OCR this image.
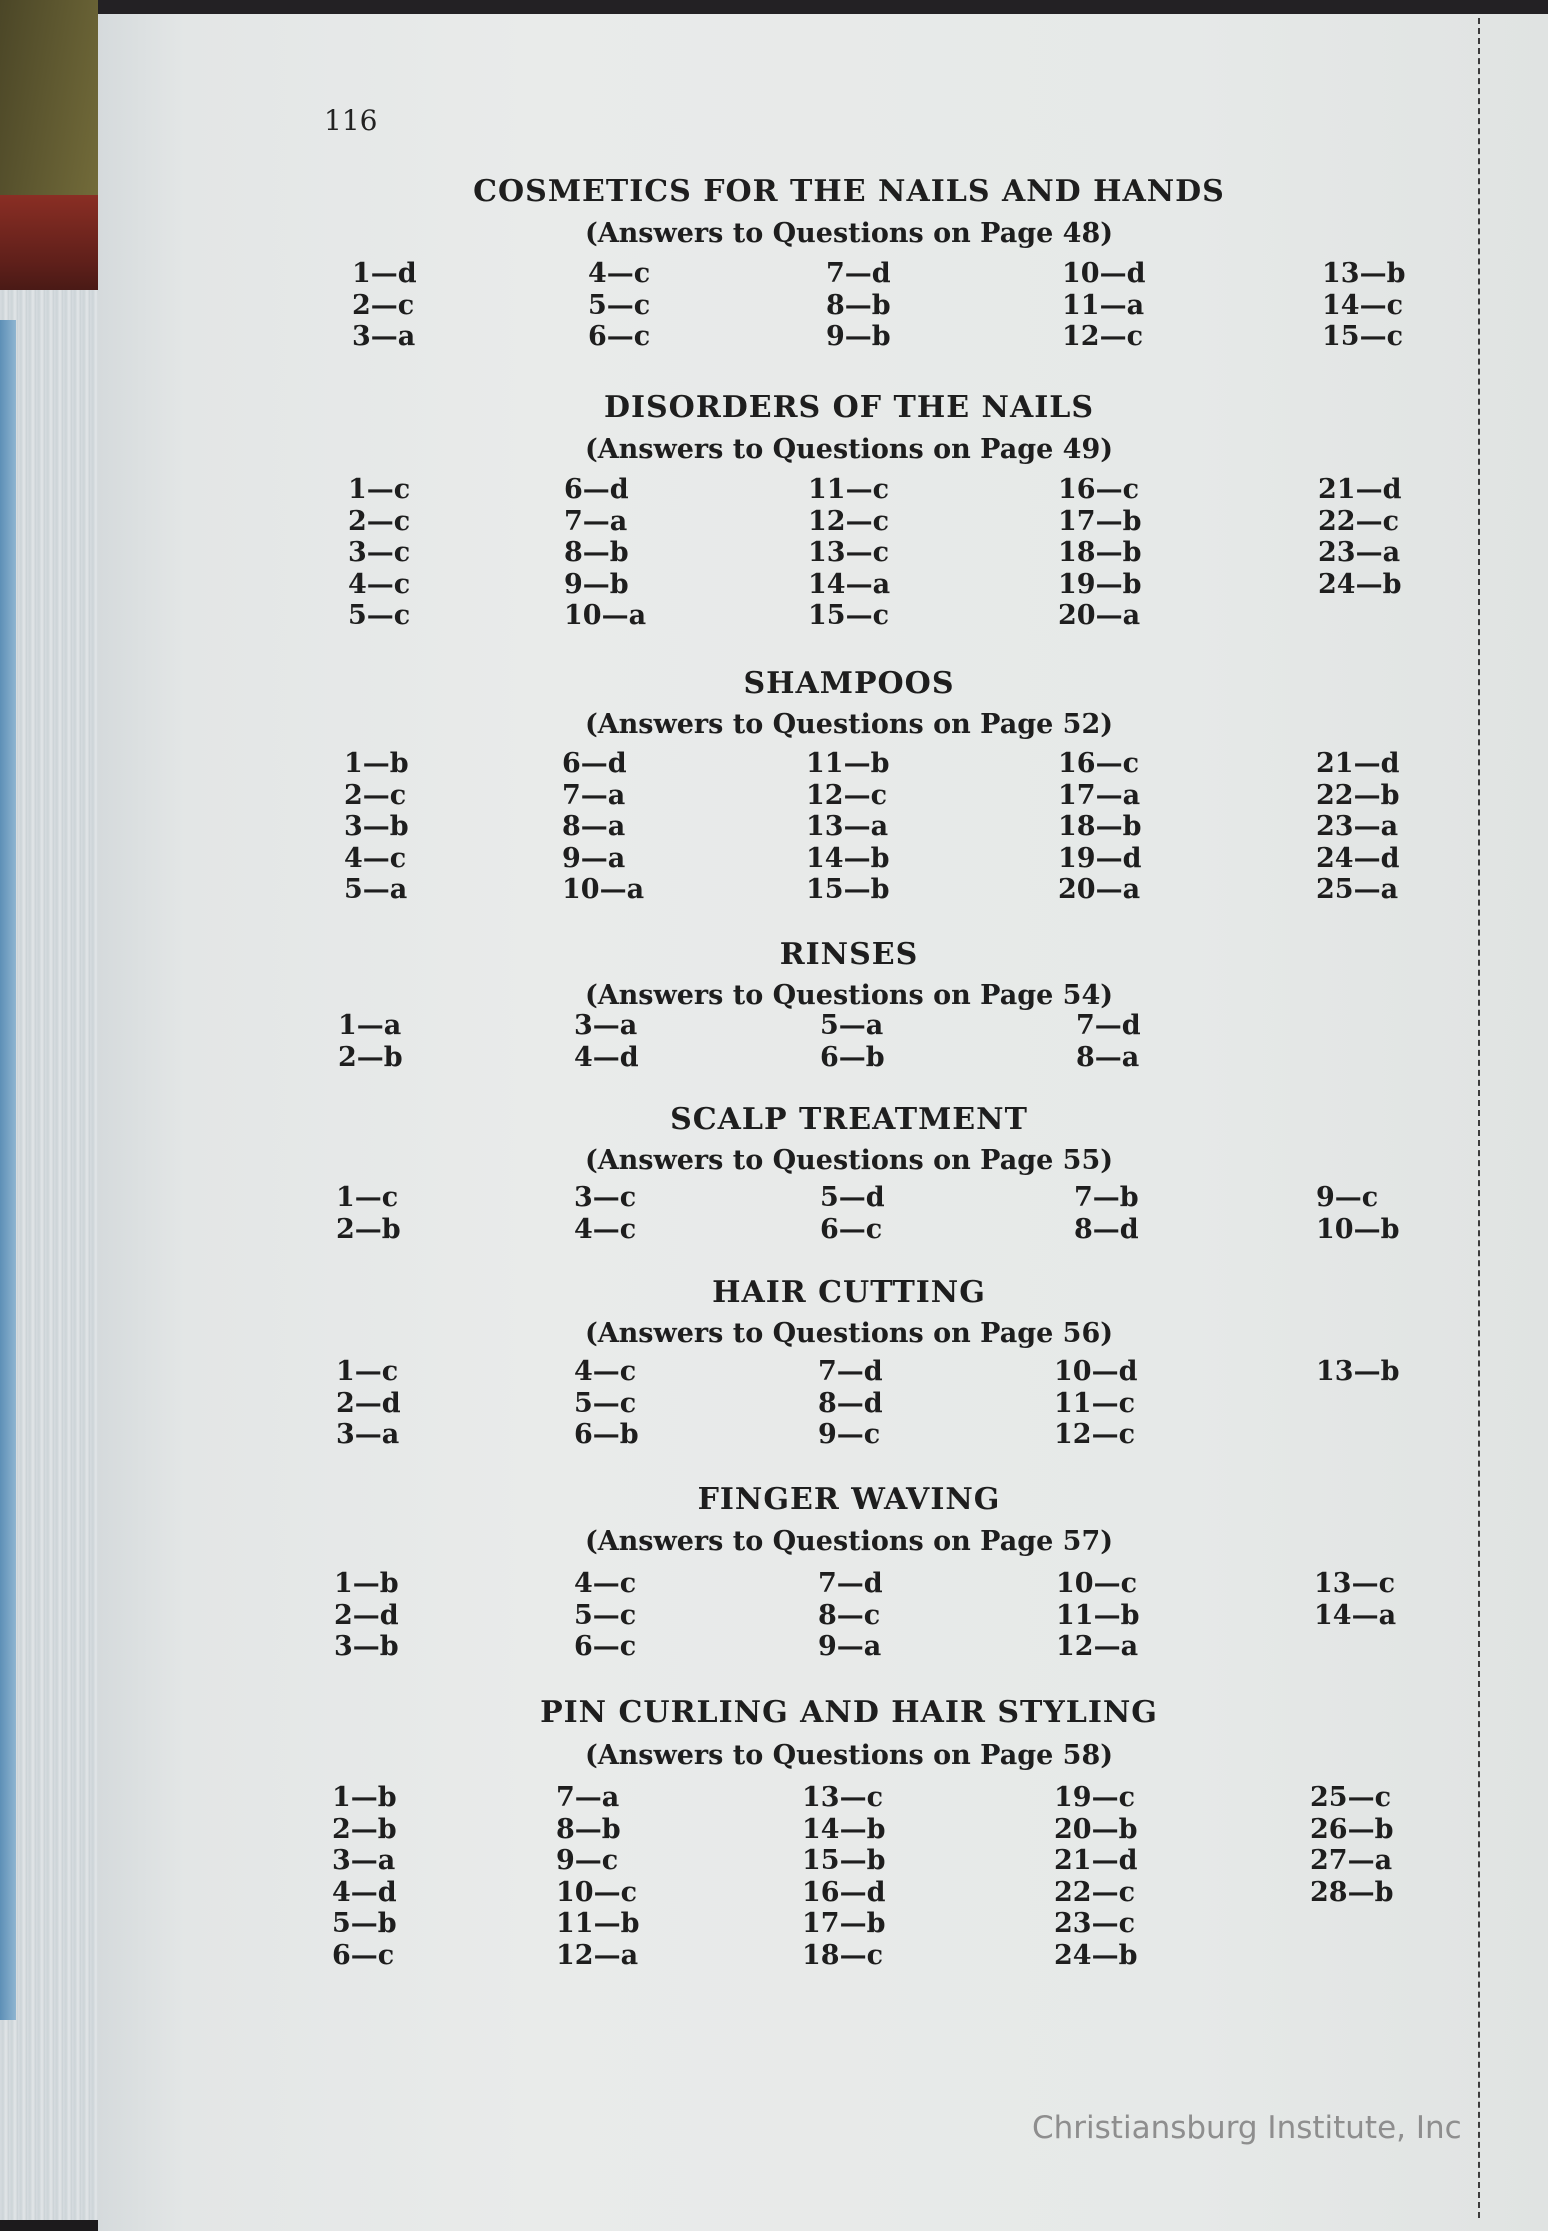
116
COSMETICS FOR THE NAILS AND HANDS
(Answers to Questions on Page 48)
1—d
2—c
3—a
4—c
5—c
6—c
7—d
8—b
9—b
10—d
11—a
12—c
13—b
14—c
15—c
DISORDERS OF THE NAILS
(Answers to Questions on Page 49)
1—c
2—c
3—c
4—c
5—c
6—d
7—a
8—b
9—b
10—a
11—c
12—c
13—c
14—a
15—c
16—c
17—b
18—b
19—b
20—a
21—d
22—c
23—a
24—b
SHAMPOOS
(Answers to Questions on Page 52)
1—b
2—c
3—b
4—c
5—a
6—d
7—a
8—a
9—a
10—a
11—b
12—c
13—a
14—b
15—b
16—c
17—a
18—b
19—d
20—a
21—d
22—b
23—a
24—d
25—a
RINSES
(Answers to Questions on Page 54)
1—a
2—b
3—a
4—d
5—a
6—b
7—d
8—a
SCALP TREATMENT
(Answers to Questions on Page 55)
1—c
2—b
3—c
4—c
5—d
6—c
7—b
8—d
9—c
10—b
HAIR CUTTING
(Answers to Questions on Page 56)
1—c
2—d
3—a
4—c
5—c
6—b
7—d
8—d
9—c
10—d
11—c
12—c
13—b
FINGER WAVING
(Answers to Questions on Page 57)
1—b
2—d
3—b
4—c
5—c
6—c
7—d
8—c
9—a
10—c
11—b
12—a
13—c
14—a
PIN CURLING AND HAIR STYLING
(Answers to Questions on Page 58)
1—b
2—b
3—a
4—d
5—b
6—c
7—a
8—b
9—c
10—c
11—b
12—a
13—c
14—b
15—b
16—d
17—b
18—c
19—c
20—b
21—d
22—c
23—c
24—b
25—c
26—b
27—a
28—b
Christiansburg Institute, Inc
